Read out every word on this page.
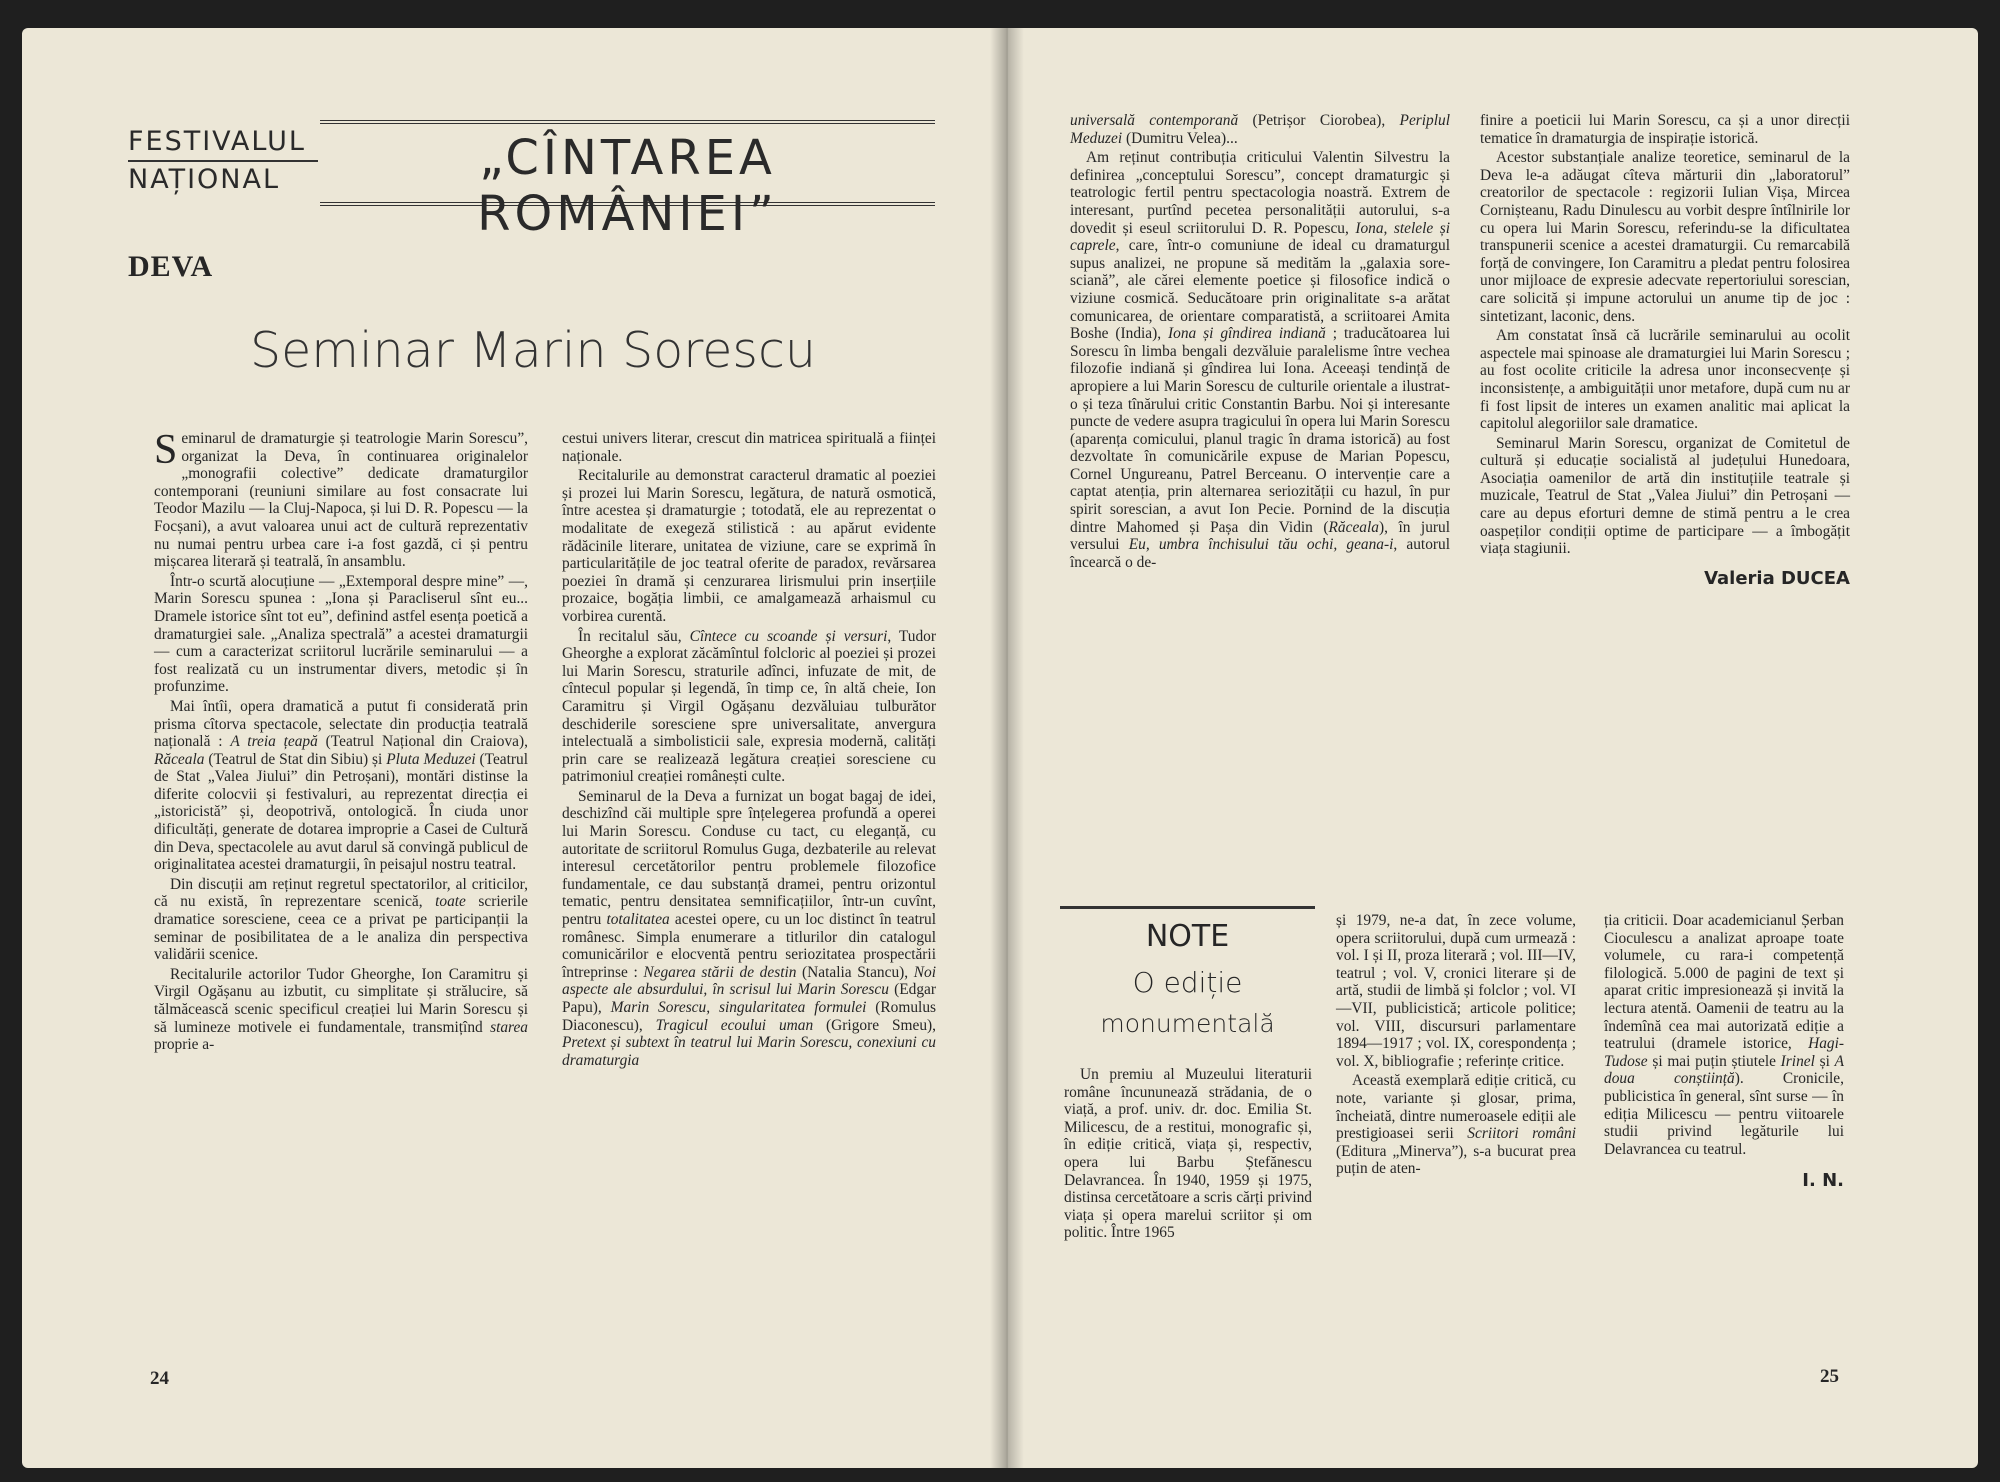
FESTIVALUL
NAȚIONAL	„CÎNTAREA ROMÂNIEI”
DEVA
Seminar Marin Sorescu

Seminarul de dramaturgie și teatrologie Marin Sorescu”, organizat la Deva, în continuarea originalelor „monografii colective” dedicate dramaturgilor contemporani (reuniuni similare au fost consacrate lui Teodor Mazilu — la Cluj-Napoca, și lui D. R. Popescu — la Focșani), a avut valoarea unui act de cultură reprezentativ nu numai pentru urbea care i-a fost gazdă, ci și pentru mișcarea literară și teatrală, în ansamblu.

Într-o scurtă alocuțiune — „Extemporal despre mine” —, Marin Sorescu spunea : „Iona și Paracliserul sînt eu... Dramele istorice sînt tot eu”, definind astfel esența poetică a dramaturgiei sale. „Analiza spectrală” a acestei dramaturgii — cum a caracterizat scriitorul lucrările seminarului — a fost realizată cu un instrumentar divers, metodic și în profunzime.

Mai întîi, opera dramatică a putut fi considerată prin prisma cîtorva spectacole, selectate din producția teatrală națională : A treia țeapă (Teatrul Național din Craiova), Răceala (Teatrul de Stat din Sibiu) și Pluta Meduzei (Teatrul de Stat „Valea Jiului” din Petroșani), montări distinse la diferite colocvii și festivaluri, au reprezentat direcția ei „istoricistă” și, deopotrivă, ontologică. În ciuda unor dificultăți, generate de dotarea improprie a Casei de Cultură din Deva, spectacolele au avut darul să convingă publicul de originalitatea acestei dramaturgii, în peisajul nostru teatral.

Din discuții am reținut regretul spectatorilor, al criticilor, că nu există, în reprezentare scenică, toate scrierile dramatice soresciene, ceea ce a privat pe participanții la seminar de posibilitatea de a le analiza din perspectiva validării scenice.

Recitalurile actorilor Tudor Gheorghe, Ion Caramitru și Virgil Ogășanu au izbutit, cu simplitate și strălucire, să tălmăcească scenic specificul creației lui Marin Sorescu și să lumineze motivele ei fundamentale, transmițînd starea proprie a-

cestui univers literar, crescut din matricea spirituală a ființei naționale.

Recitalurile au demonstrat caracterul dramatic al poeziei și prozei lui Marin Sorescu, legătura, de natură osmotică, între acestea și dramaturgie ; totodată, ele au reprezentat o modalitate de exegeză stilistică : au apărut evidente rădăcinile literare, unitatea de viziune, care se exprimă în particularitățile de joc teatral oferite de paradox, revărsarea poeziei în dramă și cenzurarea lirismului prin inserțiile prozaice, bogăția limbii, ce amalgamează arhaismul cu vorbirea curentă.

În recitalul său, Cîntece cu scoande și versuri, Tudor Gheorghe a explorat zăcămîntul folcloric al poeziei și prozei lui Marin Sorescu, straturile adînci, infuzate de mit, de cîntecul popular și legendă, în timp ce, în altă cheie, Ion Caramitru și Virgil Ogășanu dezvăluiau tulburător deschiderile soresciene spre universalitate, anvergura intelectuală a simbolisticii sale, expresia modernă, calități prin care se realizează legătura creației soresciene cu patrimoniul creației românești culte.

Seminarul de la Deva a furnizat un bogat bagaj de idei, deschizînd căi multiple spre înțelegerea profundă a operei lui Marin Sorescu. Conduse cu tact, cu eleganță, cu autoritate de scriitorul Romulus Guga, dezbaterile au relevat interesul cercetătorilor pentru problemele filozofice fundamentale, ce dau substanță dramei, pentru orizontul tematic, pentru densitatea semnificațiilor, într-un cuvînt, pentru totalitatea acestei opere, cu un loc distinct în teatrul românesc. Simpla enumerare a titlurilor din catalogul comunicărilor e elocventă pentru seriozitatea prospectării întreprinse : Negarea stării de destin (Natalia Stancu), Noi aspecte ale absurdului, în scrisul lui Marin Sorescu (Edgar Papu), Marin Sorescu, singularitatea formulei (Romulus Diaconescu), Tragicul ecoului uman (Grigore Smeu), Pretext și subtext în teatrul lui Marin Sorescu, conexiuni cu dramaturgia

24

universală contemporană (Petrișor Ciorobea), Periplul Meduzei (Dumitru Velea)...

Am reținut contribuția criticului Valentin Silvestru la definirea „conceptului Sorescu”, concept dramaturgic și teatrologic fertil pentru spectacologia noastră. Extrem de interesant, purtînd pecetea personalității autorului, s-a dovedit și eseul scriitorului D. R. Popescu, Iona, stelele și caprele, care, într-o comuniune de ideal cu dramaturgul supus analizei, ne propune să medităm la „galaxia soresciană”, ale cărei elemente poetice și filosofice indică o viziune cosmică. Seducătoare prin originalitate s-a arătat comunicarea, de orientare comparatistă, a scriitoarei Amita Boshe (India), Iona și gîndirea indiană ; traducătoarea lui Sorescu în limba bengali dezvăluie paralelisme între vechea filozofie indiană și gîndirea lui Iona. Aceeași tendință de apropiere a lui Marin Sorescu de culturile orientale a ilustrat-o și teza tînărului critic Constantin Barbu. Noi și interesante puncte de vedere asupra tragicului în opera lui Marin Sorescu (aparența comicului, planul tragic în drama istorică) au fost dezvoltate în comunicările expuse de Marian Popescu, Cornel Ungureanu, Patrel Berceanu. O intervenție care a captat atenția, prin alternarea seriozității cu hazul, în pur spirit sorescian, a avut Ion Pecie. Pornind de la discuția dintre Mahomed și Pașa din Vidin (Răceala), în jurul versului Eu, umbra închisului tău ochi, geana-i, autorul încearcă o de-

finire a poeticii lui Marin Sorescu, ca și a unor direcții tematice în dramaturgia de inspirație istorică.

Acestor substanțiale analize teoretice, seminarul de la Deva le-a adăugat cîteva mărturii din „laboratorul” creatorilor de spectacole : regizorii Iulian Vișa, Mircea Cornișteanu, Radu Dinulescu au vorbit despre întîlnirile lor cu opera lui Marin Sorescu, referindu-se la dificultatea transpunerii scenice a acestei dramaturgii. Cu remarcabilă forță de convingere, Ion Caramitru a pledat pentru folosirea unor mijloace de expresie adecvate repertoriului sorescian, care solicită și impune actorului un anume tip de joc : sintetizant, laconic, dens.

Am constatat însă că lucrările seminarului au ocolit aspectele mai spinoase ale dramaturgiei lui Marin Sorescu ; au fost ocolite criticile la adresa unor inconsecvențe și inconsistențe, a ambiguității unor metafore, după cum nu ar fi fost lipsit de interes un examen analitic mai aplicat la capitolul alegoriilor sale dramatice.

Seminarul Marin Sorescu, organizat de Comitetul de cultură și educație socialistă al județului Hunedoara, Asociația oamenilor de artă din instituțiile teatrale și muzicale, Teatrul de Stat „Valea Jiului” din Petroșani — care au depus eforturi demne de stimă pentru a le crea oaspeților condiții optime de participare — a îmbogățit viața stagiunii.

Valeria DUCEA
NOTE
O ediție
monumentală

Un premiu al Muzeului literaturii române încununează strădania, de o viață, a prof. univ. dr. doc. Emilia St. Milicescu, de a restitui, monografic și, în ediție critică, viața și, respectiv, opera lui Barbu Ștefănescu Delavrancea. În 1940, 1959 și 1975, distinsa cercetătoare a scris cărți privind viața și opera marelui scriitor și om politic. Între 1965

și 1979, ne-a dat, în zece volume, opera scriitorului, după cum urmează : vol. I și II, proza literară ; vol. III—IV, teatrul ; vol. V, cronici literare și de artă, studii de limbă și folclor ; vol. VI—VII, publicistică; articole politice; vol. VIII, discursuri parlamentare 1894—1917 ; vol. IX, corespondența ; vol. X, bibliografie ; referințe critice.

Această exemplară ediție critică, cu note, variante și glosar, prima, încheiată, dintre numeroasele ediții ale prestigioasei serii Scriitori români (Editura „Minerva”), s-a bucurat prea puțin de aten-

ția criticii. Doar academicianul Șerban Cioculescu a analizat aproape toate volumele, cu rara-i competență filologică. 5.000 de pagini de text și aparat critic impresionează și invită la lectura atentă. Oamenii de teatru au la îndemînă cea mai autorizată ediție a teatrului (dramele istorice, Hagi-Tudose și mai puțin știutele Irinel și A doua conștiință). Cronicile, publicistica în general, sînt surse — în ediția Milicescu — pentru viitoarele studii privind legăturile lui Delavrancea cu teatrul.

I. N.
25
